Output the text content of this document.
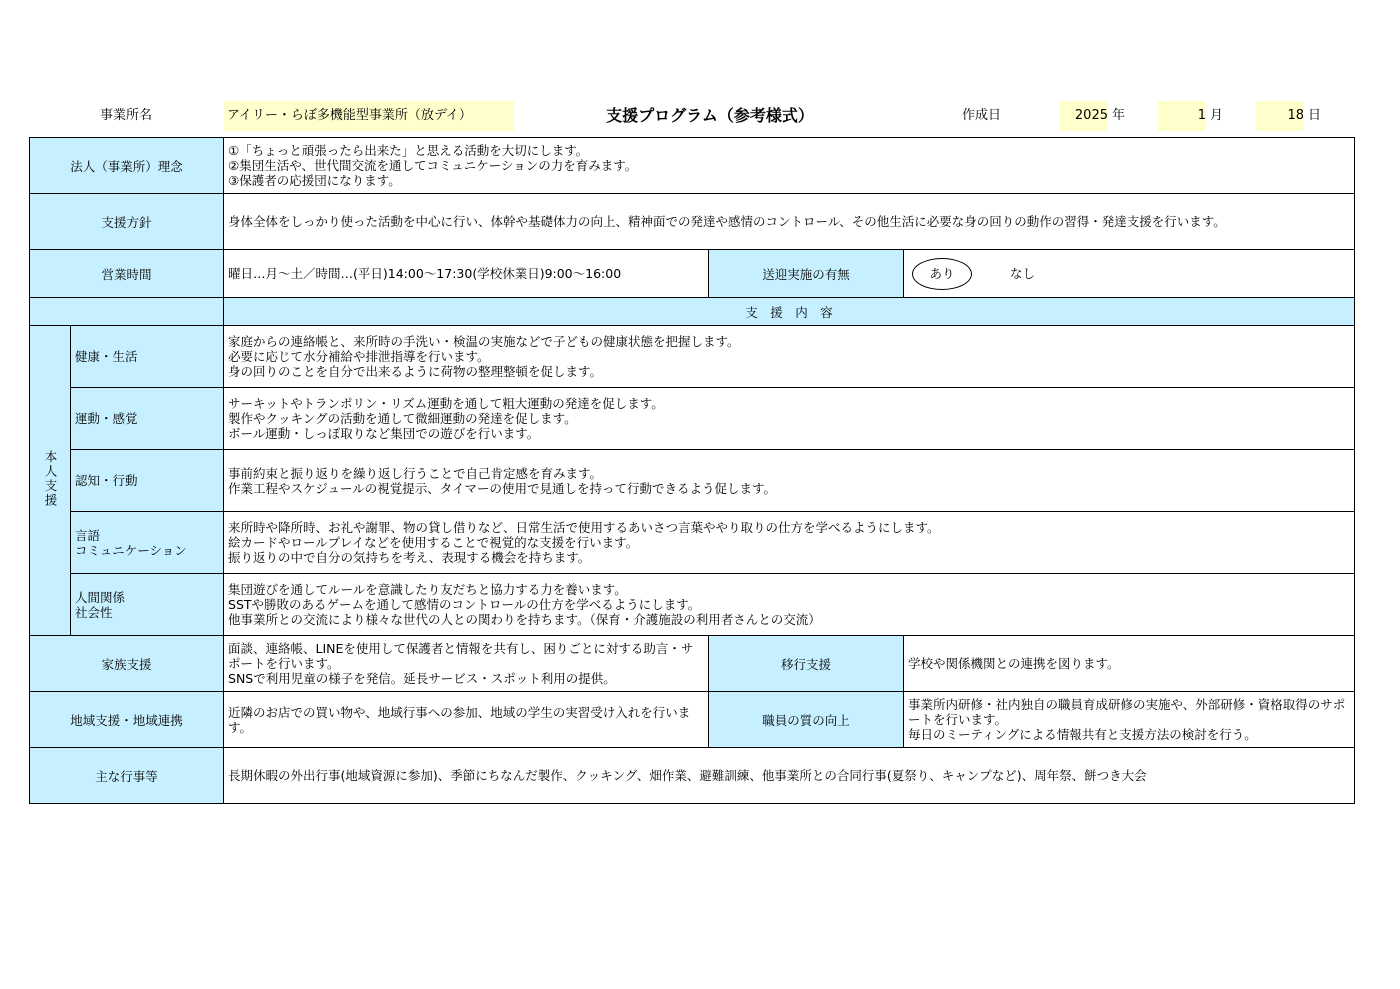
事業所名	アイリー・らぼ多機能型事業所（放デイ）	支援プログラム（参考様式）	作成日	2025 年	1 月	18 日
法人（事業所）理念		①「ちょっと頑張ったら出来た」と思える活動を大切にします。
②集団生活や、世代間交流を通してコミュニケーションの力を育みます。
③保護者の応援団になります。		
支援方針		身体全体をしっかり使った活動を中心に行い、体幹や基礎体力の向上、精神面での発達や感情のコントロール、その他生活に必要な身の回りの動作の習得・発達支援を行います。		
営業時間		曜日…月～土／時間…(平日)14:00～17:30(学校休業日)9:00～16:00	送迎実施の有無	あり なし
		支　援　内　容		
本人支援	健康・生活	家庭からの連絡帳と、来所時の手洗い・検温の実施などで子どもの健康状態を把握します。
必要に応じて水分補給や排泄指導を行います。
身の回りのことを自分で出来るように荷物の整理整頓を促します。		
	運動・感覚	サーキットやトランポリン・リズム運動を通して粗大運動の発達を促します。
製作やクッキングの活動を通して微細運動の発達を促します。
ボール運動・しっぽ取りなど集団での遊びを行います。		
	認知・行動	事前約束と振り返りを繰り返し行うことで自己肯定感を育みます。
作業工程やスケジュールの視覚提示、タイマーの使用で見通しを持って行動できるよう促します。		
	言語
コミュニケーション	来所時や降所時、お礼や謝罪、物の貸し借りなど、日常生活で使用するあいさつ言葉ややり取りの仕方を学べるようにします。
絵カードやロールプレイなどを使用することで視覚的な支援を行います。
振り返りの中で自分の気持ちを考え、表現する機会を持ちます。		
	人間関係
社会性	集団遊びを通してルールを意識したり友だちと協力する力を養います。
SSTや勝敗のあるゲームを通して感情のコントロールの仕方を学べるようにします。
他事業所との交流により様々な世代の人との関わりを持ちます。（保育・介護施設の利用者さんとの交流）		
家族支援		面談、連絡帳、LINEを使用して保護者と情報を共有し、困りごとに対する助言・サポートを行います。
SNSで利用児童の様子を発信。延長サービス・スポット利用の提供。	移行支援	学校や関係機関との連携を図ります。
地域支援・地域連携		近隣のお店での買い物や、地域行事への参加、地域の学生の実習受け入れを行います。	職員の質の向上	事業所内研修・社内独自の職員育成研修の実施や、外部研修・資格取得のサポートを行います。
毎日のミーティングによる情報共有と支援方法の検討を行う。
主な行事等		長期休暇の外出行事(地域資源に参加)、季節にちなんだ製作、クッキング、畑作業、避難訓練、他事業所との合同行事(夏祭り、キャンプなど)、周年祭、餅つき大会		
